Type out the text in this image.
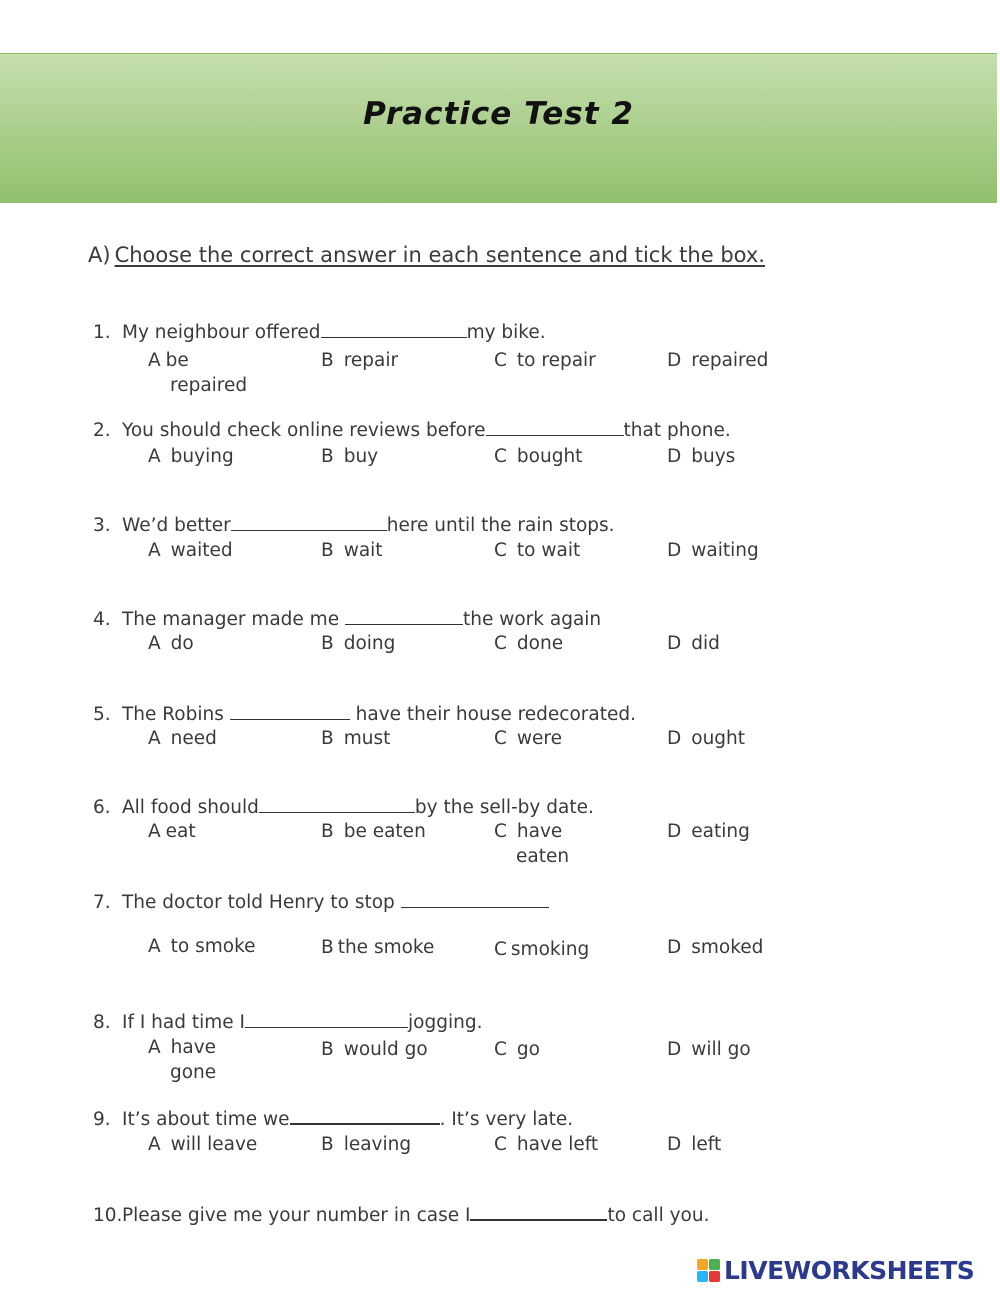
Practice Test 2
A) Choose the correct answer in each sentence and tick the box.
1. My neighbour offered	my bike.
A be
repaired
B repair	C to repair	D repaired
2. You should check online reviews before	that phone.
A buying	B buy	C bought	D buys
3. We’d better	here until the rain stops.
A waited	B wait	C to wait	D waiting
4. The manager made me	the work again
A do	B doing	C done	D did
5. The Robins	have their house redecorated.
A need	B must	C were	D ought
6. All food should	by the sell-by date.
A eat	B be eaten	C have
eaten
D eating
7. The doctor told Henry to stop
A to smoke	B the smoke	C smoking	D smoked
8. If I had time I	jogging.
A have
gone
B would go	C go	D will go
9. It’s about time we	. It’s very late.
A will leave	B leaving	C have left	D left
10.Please give me your number in case I	to call you.
LIVEWORKSHEETS
